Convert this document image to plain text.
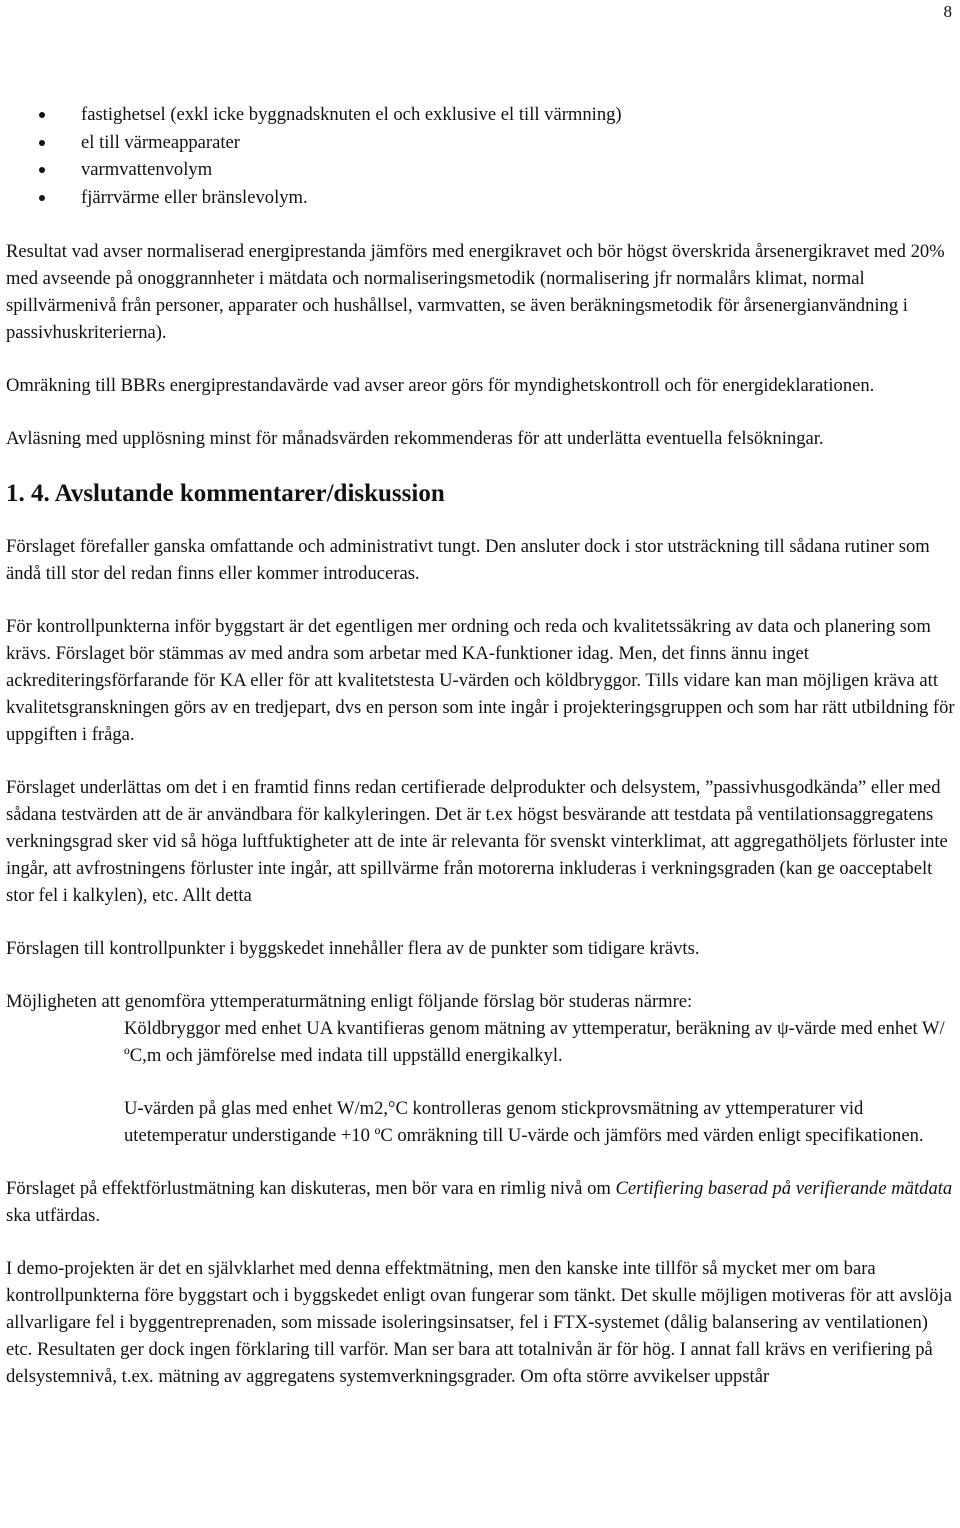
8
fastighetsel (exkl icke byggnadsknuten el och exklusive el till värmning)
el till värmeapparater
varmvattenvolym
fjärrvärme eller bränslevolym.

Resultat vad avser normaliserad energiprestanda jämförs med energikravet och bör högst överskrida årsenergikravet med 20% med avseende på onoggrannheter i mätdata och normaliseringsmetodik (normalisering jfr normalårs klimat, normal spillvärmenivå från personer, apparater och hushållsel, varmvatten, se även beräkningsmetodik för årsenergianvändning i passivhuskriterierna).

Omräkning till BBRs energiprestandavärde vad avser areor görs för myndighetskontroll och för energideklarationen.

Avläsning med upplösning minst för månadsvärden rekommenderas för att underlätta eventuella felsökningar.

1. 4. Avslutande kommentarer/diskussion

Förslaget förefaller ganska omfattande och administrativt tungt. Den ansluter dock i stor utsträckning till sådana rutiner som ändå till stor del redan finns eller kommer introduceras.

För kontrollpunkterna inför byggstart är det egentligen mer ordning och reda och kvalitetssäkring av data och planering som krävs. Förslaget bör stämmas av med andra som arbetar med KA-funktioner idag. Men, det finns ännu inget ackrediteringsförfarande för KA eller för att kvalitetstesta U-värden och köldbryggor. Tills vidare kan man möjligen kräva att kvalitetsgranskningen görs av en tredjepart, dvs en person som inte ingår i projekteringsgruppen och som har rätt utbildning för uppgiften i fråga.

Förslaget underlättas om det i en framtid finns redan certifierade delprodukter och delsystem, ”passivhusgodkända” eller med sådana testvärden att de är användbara för kalkyleringen. Det är t.ex högst besvärande att testdata på ventilationsaggregatens verkningsgrad sker vid så höga luftfuktigheter att de inte är relevanta för svenskt vinterklimat, att aggregathöljets förluster inte ingår, att avfrostningens förluster inte ingår, att spillvärme från motorerna inkluderas i verkningsgraden (kan ge oacceptabelt stor fel i kalkylen), etc. Allt detta

Förslagen till kontrollpunkter i byggskedet innehåller flera av de punkter som tidigare krävts.

Möjligheten att genomföra yttemperaturmätning enligt följande förslag bör studeras närmre:

Köldbryggor med enhet UA kvantifieras genom mätning av yttemperatur, beräkning av ψ-värde med enhet W/ºC,m och jämförelse med indata till uppställd energikalkyl.

U-värden på glas med enhet W/m2,°C kontrolleras genom stickprovsmätning av yttemperaturer vid utetemperatur understigande +10 ºC omräkning till U-värde och jämförs med värden enligt specifikationen.

Förslaget på effektförlustmätning kan diskuteras, men bör vara en rimlig nivå om Certifiering baserad på verifierande mätdata ska utfärdas.

I demo-projekten är det en självklarhet med denna effektmätning, men den kanske inte tillför så mycket mer om bara kontrollpunkterna före byggstart och i byggskedet enligt ovan fungerar som tänkt. Det skulle möjligen motiveras för att avslöja allvarligare fel i byggentreprenaden, som missade isoleringsinsatser, fel i FTX-systemet (dålig balansering av ventilationen) etc. Resultaten ger dock ingen förklaring till varför. Man ser bara att totalnivån är för hög. I annat fall krävs en verifiering på delsystemnivå, t.ex. mätning av aggregatens systemverkningsgrader. Om ofta större avvikelser uppstår
